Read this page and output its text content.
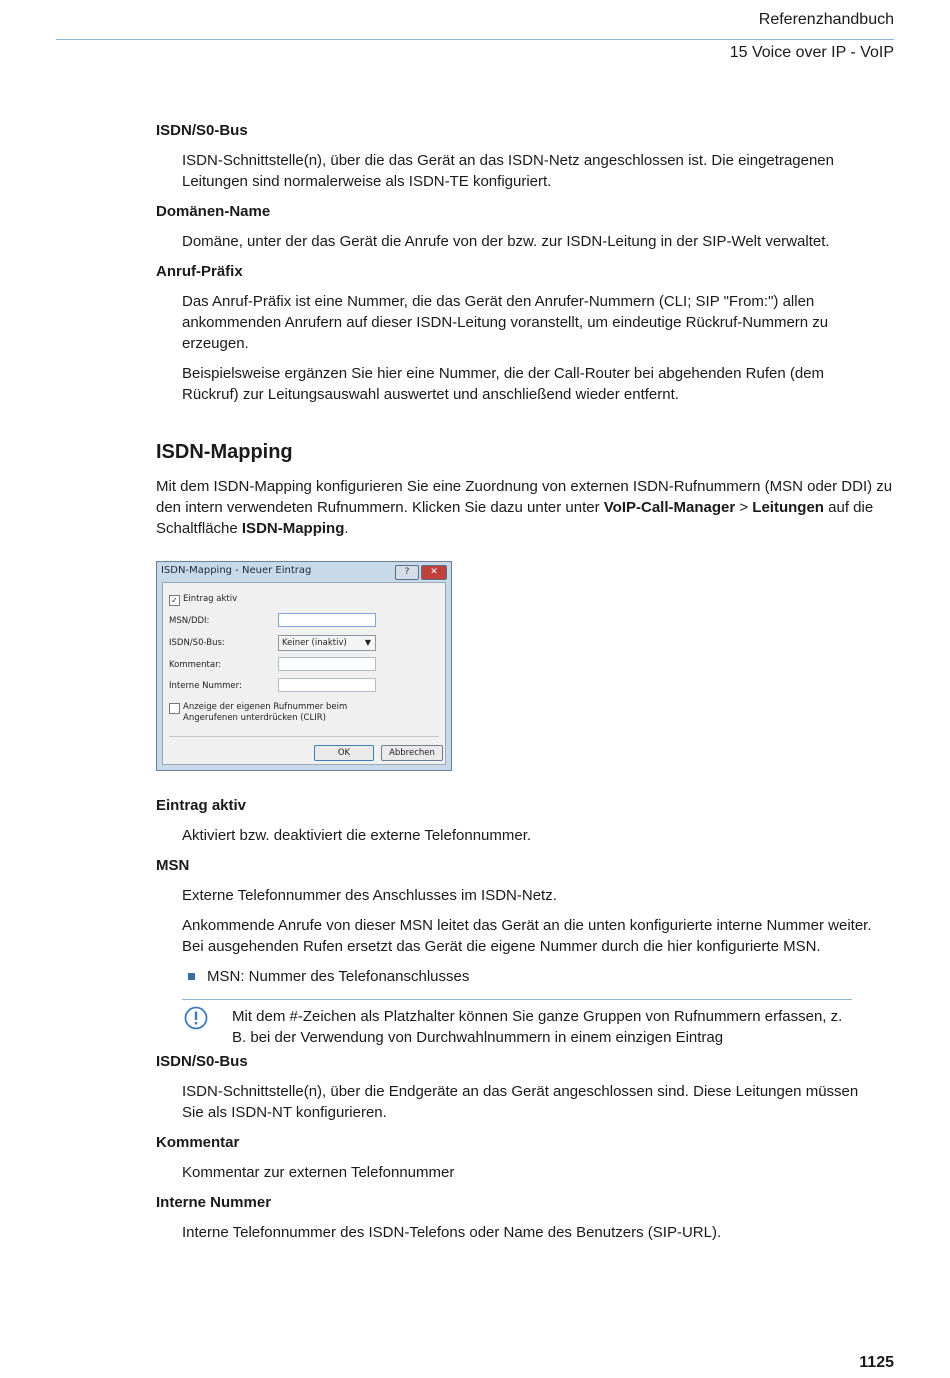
Referenzhandbuch
15 Voice over IP - VoIP
ISDN/S0-Bus

ISDN-Schnittstelle(n), über die das Gerät an das ISDN-Netz angeschlossen ist. Die eingetragenen Leitungen sind normalerweise als ISDN-TE konfiguriert.

Domänen-Name

Domäne, unter der das Gerät die Anrufe von der bzw. zur ISDN-Leitung in der SIP-Welt verwaltet.

Anruf-Präfix

Das Anruf-Präfix ist eine Nummer, die das Gerät den Anrufer-Nummern (CLI; SIP "From:") allen ankommenden Anrufern auf dieser ISDN-Leitung voranstellt, um eindeutige Rückruf-Nummern zu erzeugen.

Beispielsweise ergänzen Sie hier eine Nummer, die der Call-Router bei abgehenden Rufen (dem Rückruf) zur Leitungsauswahl auswertet und anschließend wieder entfernt.

ISDN-Mapping

Mit dem ISDN-Mapping konfigurieren Sie eine Zuordnung von externen ISDN-Rufnummern (MSN oder DDI) zu den intern verwendeten Rufnummern. Klicken Sie dazu unter unter VoIP-Call-Manager > Leitungen auf die Schaltfläche ISDN-Mapping.

ISDN-Mapping - Neuer Eintrag	?	✕
✓ Eintrag aktiv
MSN/DDI:
ISDN/S0-Bus:	Keiner (inaktiv) ▼
Kommentar:
Interne Nummer:
Anzeige der eigenen Rufnummer beim
Angerufenen unterdrücken (CLIR)
OK	Abbrechen
Eintrag aktiv

Aktiviert bzw. deaktiviert die externe Telefonnummer.

MSN

Externe Telefonnummer des Anschlusses im ISDN-Netz.

Ankommende Anrufe von dieser MSN leitet das Gerät an die unten konfigurierte interne Nummer weiter. Bei ausgehenden Rufen ersetzt das Gerät die eigene Nummer durch die hier konfigurierte MSN.

MSN: Nummer des Telefonanschlusses
Mit dem #-Zeichen als Platzhalter können Sie ganze Gruppen von Rufnummern erfassen, z. B. bei der Verwendung von Durchwahlnummern in einem einzigen Eintrag
ISDN/S0-Bus

ISDN-Schnittstelle(n), über die Endgeräte an das Gerät angeschlossen sind. Diese Leitungen müssen Sie als ISDN-NT konfigurieren.

Kommentar

Kommentar zur externen Telefonnummer

Interne Nummer

Interne Telefonnummer des ISDN-Telefons oder Name des Benutzers (SIP-URL).

1125
